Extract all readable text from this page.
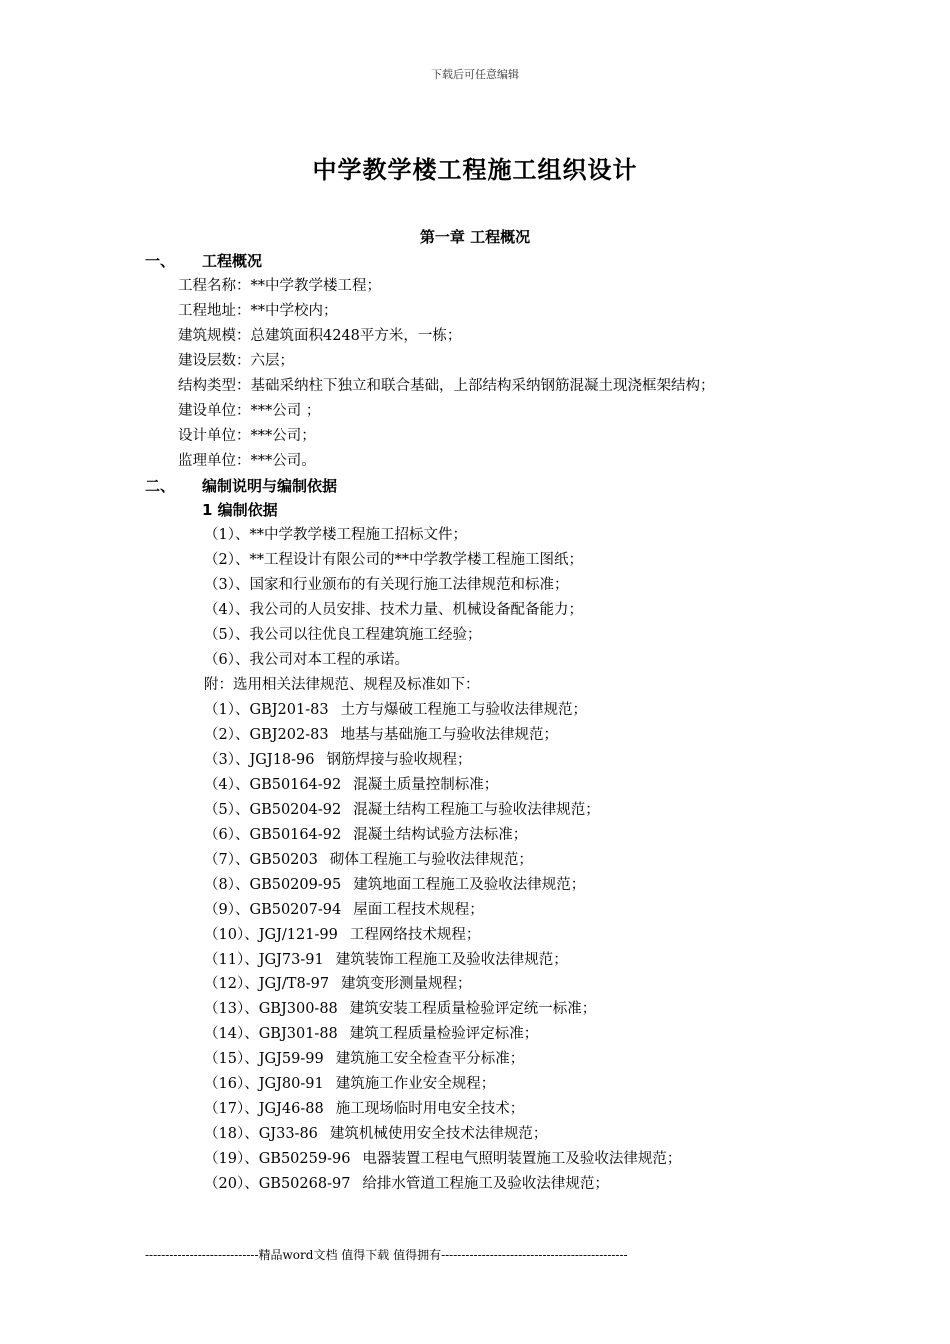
下载后可任意编辑
中学教学楼工程施工组织设计
第一章 工程概况
一、 工程概况
工程名称：**中学教学楼工程；
工程地址：**中学校内；
建筑规模：总建筑面积4248平方米，一栋；
建设层数：六层；
结构类型：基础采纳柱下独立和联合基础，上部结构采纳钢筋混凝土现浇框架结构；
建设单位：***公司 ；
设计单位：***公司；
监理单位：***公司。
二、 编制说明与编制依据
1 编制依据
（1）、**中学教学楼工程施工招标文件；
（2）、**工程设计有限公司的**中学教学楼工程施工图纸；
（3）、国家和行业颁布的有关现行施工法律规范和标准；
（4）、我公司的人员安排、技术力量、机械设备配备能力；
（5）、我公司以往优良工程建筑施工经验；
（6）、我公司对本工程的承诺。
附：选用相关法律规范、规程及标准如下：
（1）、GBJ201-83 土方与爆破工程施工与验收法律规范；
（2）、GBJ202-83 地基与基础施工与验收法律规范；
（3）、JGJ18-96 钢筋焊接与验收规程；
（4）、GB50164-92 混凝土质量控制标准；
（5）、GB50204-92 混凝土结构工程施工与验收法律规范；
（6）、GB50164-92 混凝土结构试验方法标准；
（7）、GB50203 砌体工程施工与验收法律规范；
（8）、GB50209-95 建筑地面工程施工及验收法律规范；
（9）、GB50207-94 屋面工程技术规程；
（10）、JGJ/121-99 工程网络技术规程；
（11）、JGJ73-91 建筑装饰工程施工及验收法律规范；
（12）、JGJ/T8-97 建筑变形测量规程；
（13）、GBJ300-88 建筑安装工程质量检验评定统一标准；
（14）、GBJ301-88 建筑工程质量检验评定标准；
（15）、JGJ59-99 建筑施工安全检查平分标准；
（16）、JGJ80-91 建筑施工作业安全规程；
（17）、JGJ46-88 施工现场临时用电安全技术；
（18）、GJ33-86 建筑机械使用安全技术法律规范；
（19）、GB50259-96 电器装置工程电气照明装置施工及验收法律规范；
（20）、GB50268-97 给排水管道工程施工及验收法律规范；
----------------------------精品word文档 值得下载 值得拥有----------------------------------------------
